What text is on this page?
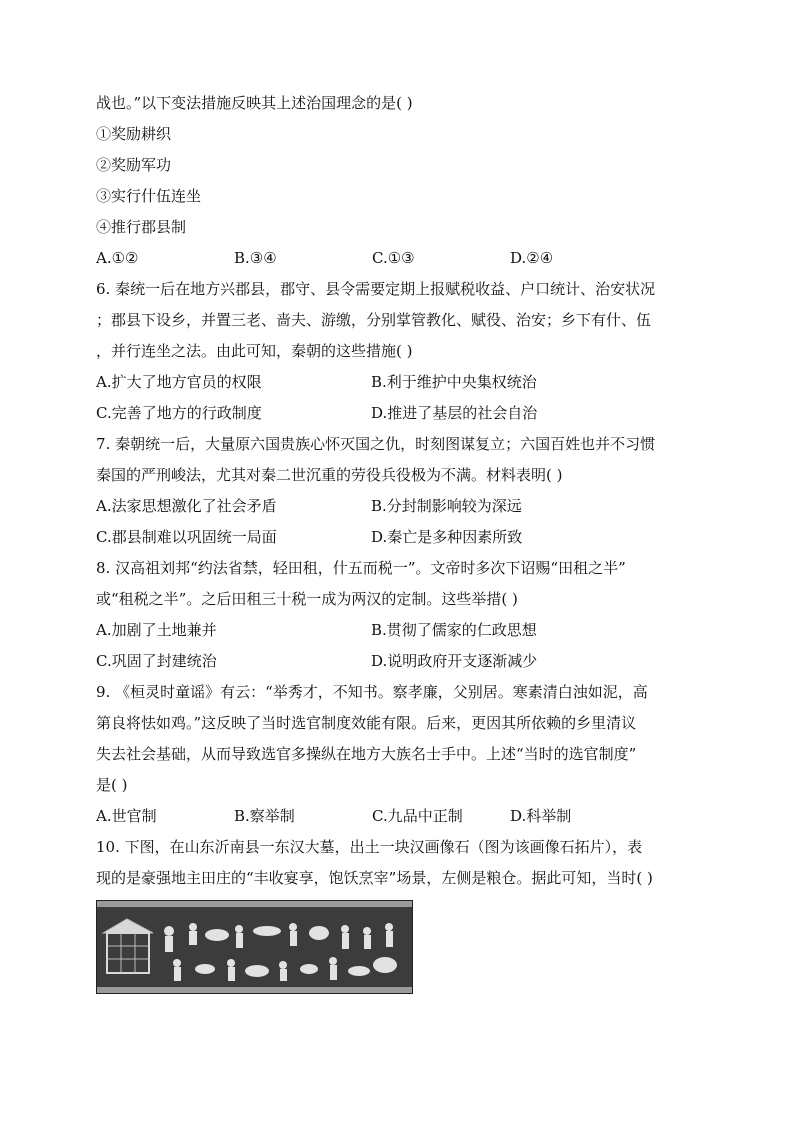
战也。”以下变法措施反映其上述治国理念的是( )
①奖励耕织
②奖励军功
③实行什伍连坐
④推行郡县制
A.①②	B.③④	C.①③	D.②④
6. 秦统一后在地方兴郡县，郡守、县令需要定期上报赋税收益、户口统计、治安状况
；郡县下设乡，并置三老、啬夫、游缴，分别掌管教化、赋役、治安；乡下有什、伍
，并行连坐之法。由此可知，秦朝的这些措施( )
A.扩大了地方官员的权限	B.利于维护中央集权统治
C.完善了地方的行政制度	D.推进了基层的社会自治
7. 秦朝统一后，大量原六国贵族心怀灭国之仇，时刻图谋复立；六国百姓也并不习惯
秦国的严刑峻法，尤其对秦二世沉重的劳役兵役极为不满。材料表明( )
A.法家思想激化了社会矛盾	B.分封制影响较为深远
C.郡县制难以巩固统一局面	D.秦亡是多种因素所致
8. 汉高祖刘邦“约法省禁，轻田租，什五而税一”。文帝时多次下诏赐“田租之半”
或“租税之半”。之后田租三十税一成为两汉的定制。这些举措( )
A.加剧了土地兼并	B.贯彻了儒家的仁政思想
C.巩固了封建统治	D.说明政府开支逐渐减少
9. 《桓灵时童谣》有云：“举秀才，不知书。察孝廉，父别居。寒素清白浊如泥，高
第良将怯如鸡。”这反映了当时选官制度效能有限。后来，更因其所依赖的乡里清议
失去社会基础，从而导致选官多操纵在地方大族名士手中。上述“当时的选官制度”
是( )
A.世官制	B.察举制	C.九品中正制	D.科举制
10. 下图，在山东沂南县一东汉大墓，出土一块汉画像石（图为该画像石拓片），表
现的是豪强地主田庄的“丰收宴享，饱饫烹宰”场景，左侧是粮仓。据此可知，当时( )
